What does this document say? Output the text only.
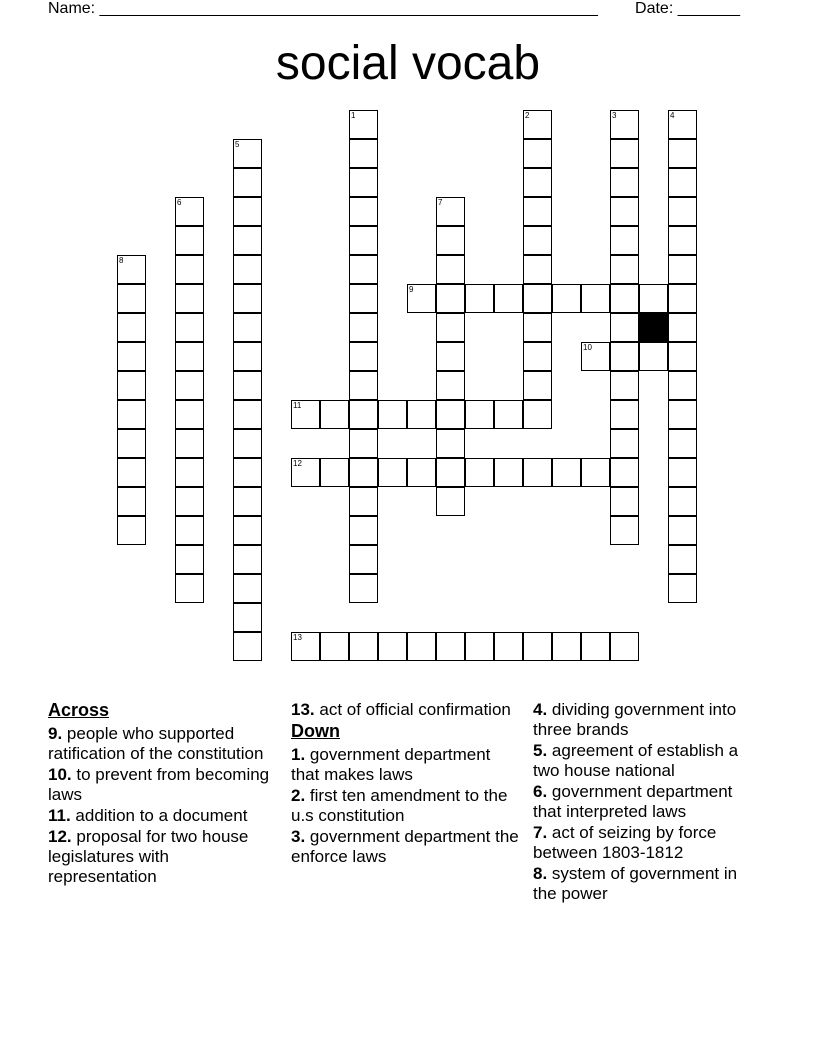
Name: ________________________________________________________ Date: _______
social vocab
1	2	3	4
5
6	7
8
9
10
11
12
13
Across
9. people who supported ratification of the constitution
10. to prevent from becoming laws
11. addition to a document
12. proposal for two house legislatures with representation
13. act of official confirmation
Down
1. government department that makes laws
2. first ten amendment to the u.s constitution
3. government department the enforce laws
4. dividing government into three brands
5. agreement of establish a two house national
6. government department that interpreted laws
7. act of seizing by force between 1803-1812
8. system of government in the power
